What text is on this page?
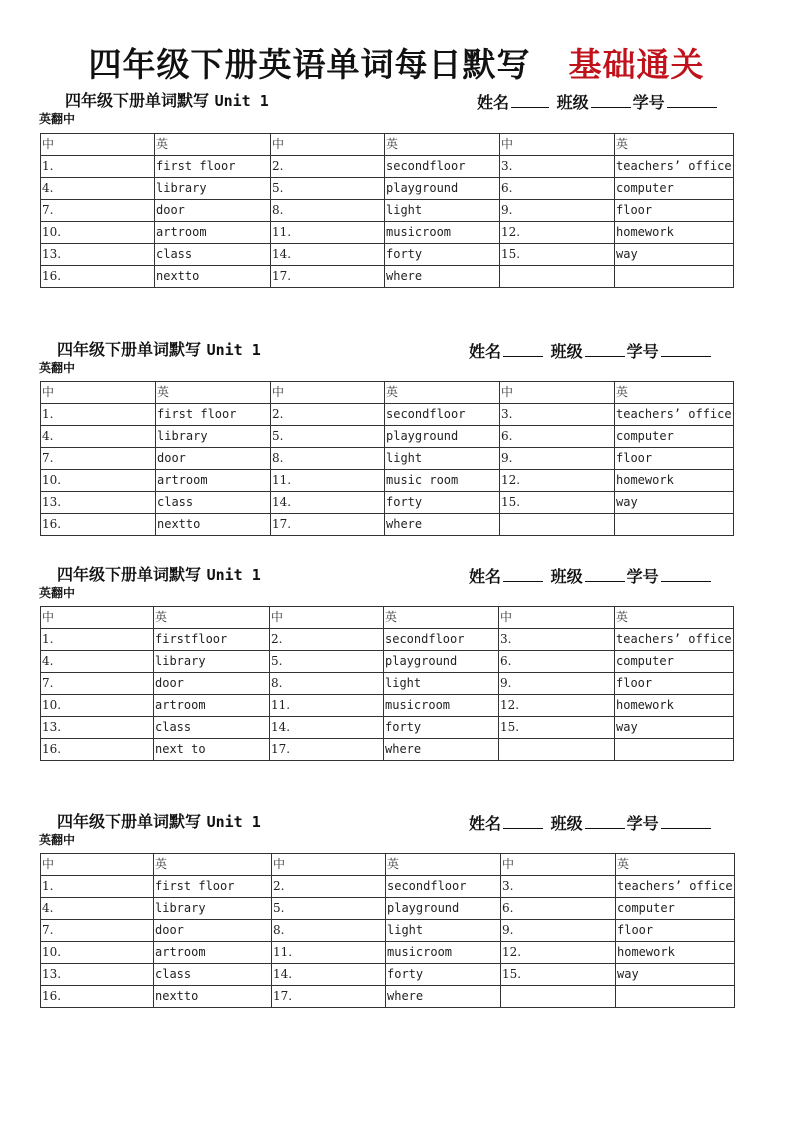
四年级下册英语单词每日默写 基础通关
四年级下册单词默写 Unit 1	姓名	班级	学号
英翻中
中	英	中	英	中	英
1.	first floor	2.	secondfloor	3.	teachers’ office
4.	library	5.	playground	6.	computer
7.	door	8.	light	9.	floor
10.	artroom	11.	musicroom	12.	homework
13.	class	14.	forty	15.	way
16.	nextto	17.	where		
四年级下册单词默写 Unit 1	姓名	班级	学号
英翻中
中	英	中	英	中	英
1.	first floor	2.	secondfloor	3.	teachers’ office
4.	library	5.	playground	6.	computer
7.	door	8.	light	9.	floor
10.	artroom	11.	music room	12.	homework
13.	class	14.	forty	15.	way
16.	nextto	17.	where		
四年级下册单词默写 Unit 1	姓名	班级	学号
英翻中
中	英	中	英	中	英
1.	firstfloor	2.	secondfloor	3.	teachers’ office
4.	library	5.	playground	6.	computer
7.	door	8.	light	9.	floor
10.	artroom	11.	musicroom	12.	homework
13.	class	14.	forty	15.	way
16.	next to	17.	where		
四年级下册单词默写 Unit 1	姓名	班级	学号
英翻中
中	英	中	英	中	英
1.	first floor	2.	secondfloor	3.	teachers’ office
4.	library	5.	playground	6.	computer
7.	door	8.	light	9.	floor
10.	artroom	11.	musicroom	12.	homework
13.	class	14.	forty	15.	way
16.	nextto	17.	where		
